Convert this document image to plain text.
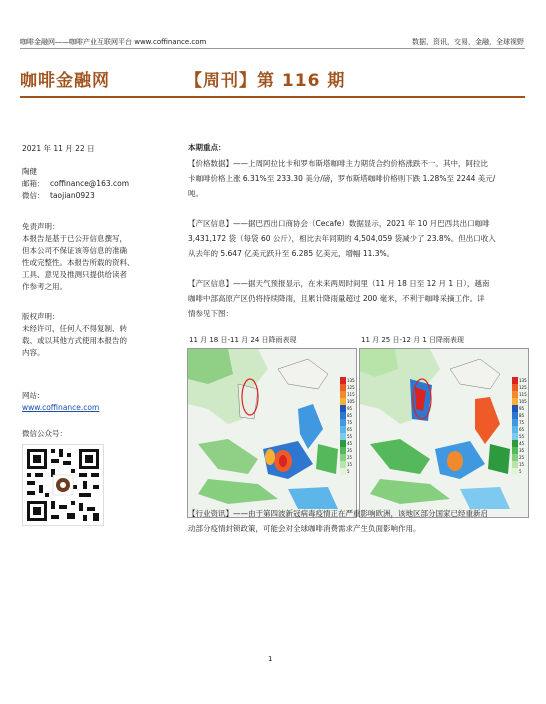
咖啡金融网——咖啡产业互联网平台 www.coffinance.com	数据，资讯，交易，金融，全球视野
咖啡金融网	【周刊】第 116 期
2021 年 11 月 22 日
陶健
邮箱： coffinance@163.com
微信： taojian0923
免责声明：
本报告是基于已公开信息撰写，
但本公司不保证该等信息的准确
性或完整性。本报告所载的资料、
工具、意见及推测只提供给读者
作参考之用。
版权声明：
未经许可，任何人不得复制、转
载、或以其他方式使用本报告的
内容。
网站:
www.coffinance.com
微信公众号：
本期重点：
【价格数据】——上周阿拉比卡和罗布斯塔咖啡主力期货合约价格涨跌不一。其中，阿拉比
卡咖啡价格上涨 6.31%至 233.30 美分/磅，罗布斯塔咖啡价格则下跌 1.28%至 2244 美元/
吨。
【产区信息】——据巴西出口商协会（Cecafe）数据显示，2021 年 10 月巴西共出口咖啡
3,431,172 袋（每袋 60 公斤），相比去年同期的 4,504,059 袋减少了 23.8%。但出口收入
从去年的 5.647 亿美元跃升至 6.285 亿美元，增幅 11.3%。
【产区信息】——据天气预报显示，在未来两周时间里（11 月 18 日至 12 月 1 日），越南
咖啡中部高原产区仍将持续降雨，且累计降雨量超过 200 毫米，不利于咖啡采摘工作。详
情参见下图：
11 月 18 日-11 月 24 日降雨表现	11 月 25 日-12 月 1 日降雨表现
135
125
115
105
95
85
75
65
55
45
35
25
15
5
135
125
115
105
95
85
75
65
55
45
35
25
15
5
【行业资讯】——由于第四波新冠病毒疫情正在严重影响欧洲，该地区部分国家已经重新启
动部分疫情封锁政策，可能会对全球咖啡消费需求产生负面影响作用。
1
